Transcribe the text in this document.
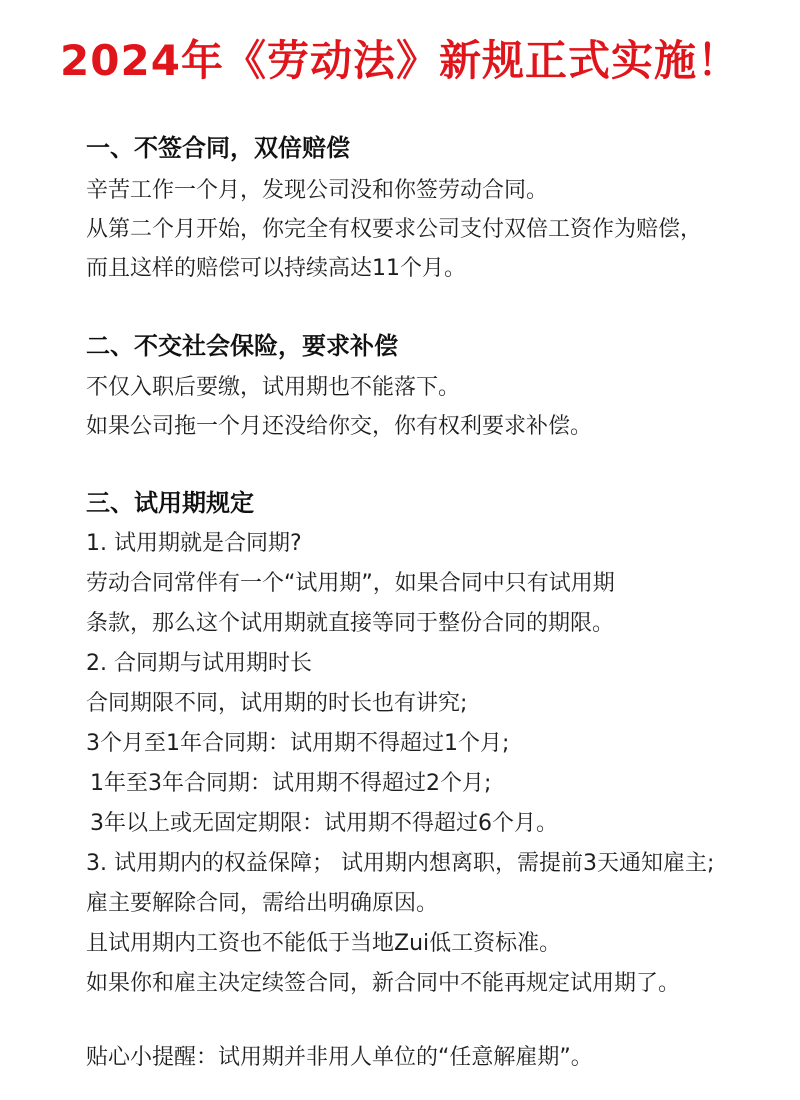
2024年《劳动法》新规正式实施！
一、不签合同，双倍赔偿
辛苦工作一个月，发现公司没和你签劳动合同。
从第二个月开始，你完全有权要求公司支付双倍工资作为赔偿，
而且这样的赔偿可以持续高达11个月。
二、不交社会保险，要求补偿
不仅入职后要缴，试用期也不能落下。
如果公司拖一个月还没给你交，你有权利要求补偿。
三、试用期规定
1. 试用期就是合同期?
劳动合同常伴有一个“试用期”，如果合同中只有试用期
条款，那么这个试用期就直接等同于整份合同的期限。
2. 合同期与试用期时长
合同期限不同，试用期的时长也有讲究;
3个月至1年合同期：试用期不得超过1个月;
1年至3年合同期：试用期不得超过2个月;
3年以上或无固定期限：试用期不得超过6个月。
3. 试用期内的权益保障； 试用期内想离职，需提前3天通知雇主;
雇主要解除合同，需给出明确原因。
且试用期内工资也不能低于当地Zui低工资标准。
如果你和雇主决定续签合同，新合同中不能再规定试用期了。
贴心小提醒：试用期并非用人单位的“任意解雇期”。
